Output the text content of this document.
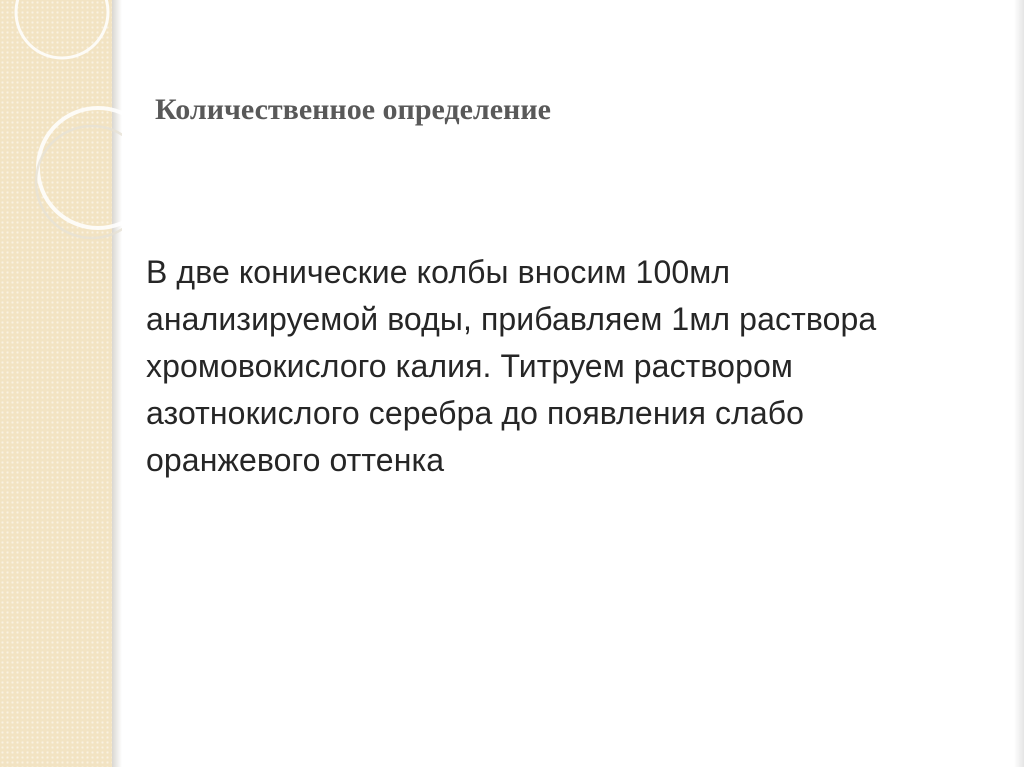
Количественное определение
В две конические колбы вносим 100мл
анализируемой воды, прибавляем 1мл раствора
хромовокислого калия. Титруем раствором
азотнокислого серебра до появления слабо
оранжевого оттенка
